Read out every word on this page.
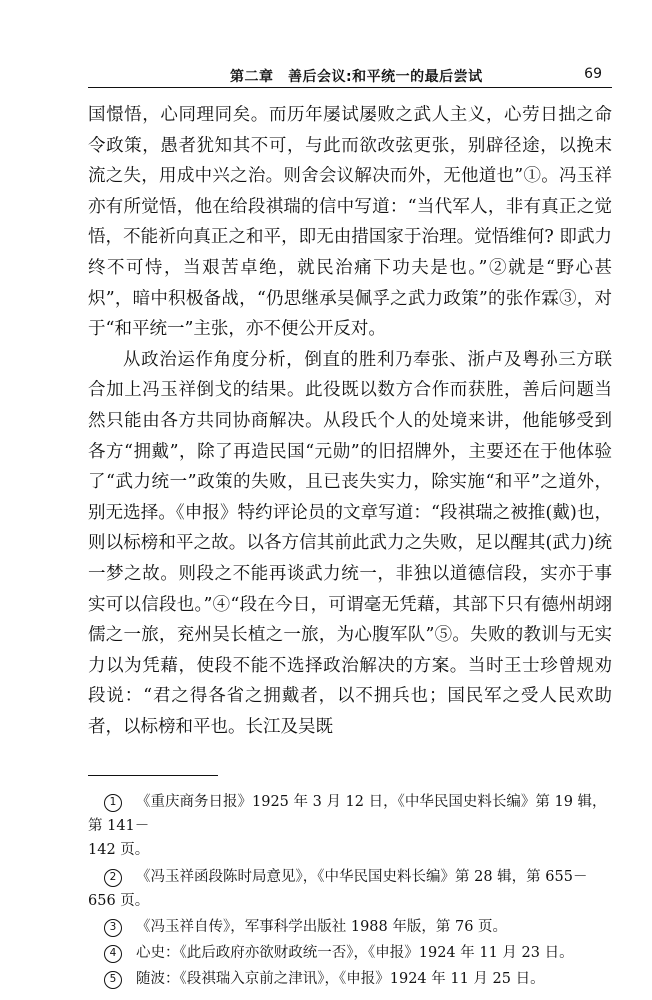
第二章　善后会议:和平统一的最后尝试	69

国憬悟，心同理同矣。而历年屡试屡败之武人主义，心劳日拙之命令政策，愚者犹知其不可，与此而欲改弦更张，别辟径途，以挽末流之失，用成中兴之治。则舍会议解决而外，无他道也”①。冯玉祥亦有所觉悟，他在给段祺瑞的信中写道：“当代军人，非有真正之觉悟，不能祈向真正之和平，即无由措国家于治理。觉悟维何? 即武力终不可恃，当艰苦卓绝，就民治痛下功夫是也。”②就是“野心甚炽”，暗中积极备战，“仍思继承吴佩孚之武力政策”的张作霖③，对于“和平统一”主张，亦不便公开反对。

从政治运作角度分析，倒直的胜利乃奉张、浙卢及粤孙三方联合加上冯玉祥倒戈的结果。此役既以数方合作而获胜，善后问题当然只能由各方共同协商解决。从段氏个人的处境来讲，他能够受到各方“拥戴”，除了再造民国“元勋”的旧招牌外，主要还在于他体验了“武力统一”政策的失败，且已丧失实力，除实施“和平”之道外，别无选择。《申报》特约评论员的文章写道：“段祺瑞之被推(戴)也，则以标榜和平之故。以各方信其前此武力之失败，足以醒其(武力)统一梦之故。则段之不能再谈武力统一，非独以道德信段，实亦于事实可以信段也。”④“段在今日，可谓毫无凭藉，其部下只有德州胡翊儒之一旅，兖州吴长植之一旅，为心腹军队”⑤。失败的教训与无实力以为凭藉，使段不能不选择政治解决的方案。当时王士珍曾规劝段说：“君之得各省之拥戴者，以不拥兵也；国民军之受人民欢助者，以标榜和平也。长江及吴既

1 《重庆商务日报》1925 年 3 月 12 日，《中华民国史料长编》第 19 辑，第 141－
142 页。

2 《冯玉祥函段陈时局意见》，《中华民国史料长编》第 28 辑，第 655－656 页。

3 《冯玉祥自传》，军事科学出版社 1988 年版，第 76 页。

4 心史：《此后政府亦欲财政统一否》，《申报》1924 年 11 月 23 日。

5 随波：《段祺瑞入京前之津讯》，《申报》1924 年 11 月 25 日。
